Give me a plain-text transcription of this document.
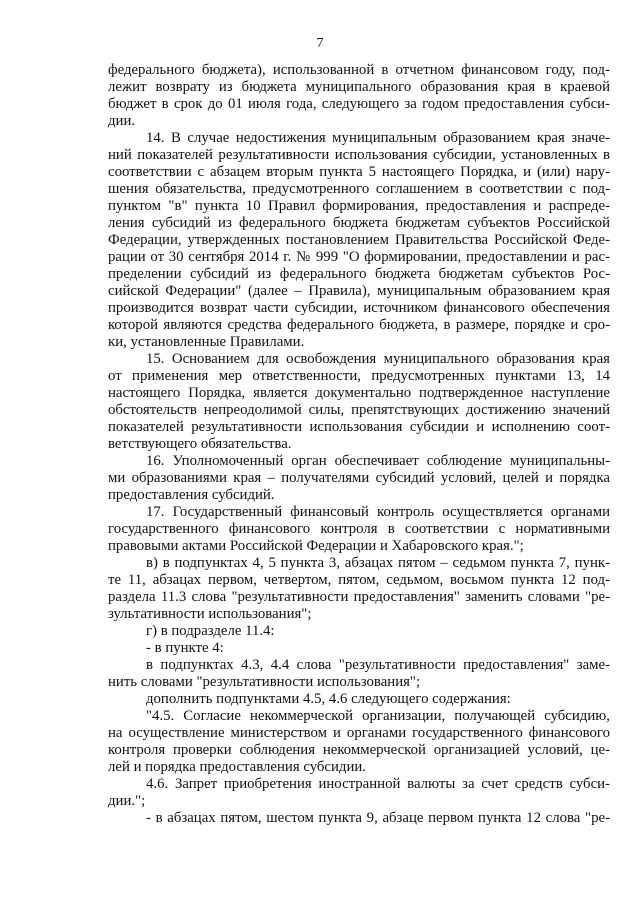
7
федерального бюджета), использованной в отчетном финансовом году, под-
лежит возврату из бюджета муниципального образования края в краевой
бюджет в срок до 01 июля года, следующего за годом предоставления субси-
дии.
14. В случае недостижения муниципальным образованием края значе-
ний показателей результативности использования субсидии, установленных в
соответствии с абзацем вторым пункта 5 настоящего Порядка, и (или) нару-
шения обязательства, предусмотренного соглашением в соответствии с под-
пунктом "в" пункта 10 Правил формирования, предоставления и распреде-
ления субсидий из федерального бюджета бюджетам субъектов Российской
Федерации, утвержденных постановлением Правительства Российской Феде-
рации от 30 сентября 2014 г. № 999 "О формировании, предоставлении и рас-
пределении субсидий из федерального бюджета бюджетам субъектов Рос-
сийской Федерации" (далее – Правила), муниципальным образованием края
производится возврат части субсидии, источником финансового обеспечения
которой являются средства федерального бюджета, в размере, порядке и сро-
ки, установленные Правилами.
15. Основанием для освобождения муниципального образования края
от применения мер ответственности, предусмотренных пунктами 13, 14
настоящего Порядка, является документально подтвержденное наступление
обстоятельств непреодолимой силы, препятствующих достижению значений
показателей результативности использования субсидии и исполнению соот-
ветствующего обязательства.
16. Уполномоченный орган обеспечивает соблюдение муниципальны-
ми образованиями края – получателями субсидий условий, целей и порядка
предоставления субсидий.
17. Государственный финансовый контроль осуществляется органами
государственного финансового контроля в соответствии с нормативными
правовыми актами Российской Федерации и Хабаровского края.";
в) в подпунктах 4, 5 пункта 3, абзацах пятом – седьмом пункта 7, пунк-
те 11, абзацах первом, четвертом, пятом, седьмом, восьмом пункта 12 под-
раздела 11.3 слова "результативности предоставления" заменить словами "ре-
зультативности использования";
г) в подразделе 11.4:
- в пункте 4:
в подпунктах 4.3, 4.4 слова "результативности предоставления" заме-
нить словами "результативности использования";
дополнить подпунктами 4.5, 4.6 следующего содержания:
"4.5. Согласие некоммерческой организации, получающей субсидию,
на осуществление министерством и органами государственного финансового
контроля проверки соблюдения некоммерческой организацией условий, це-
лей и порядка предоставления субсидии.
4.6. Запрет приобретения иностранной валюты за счет средств субси-
дии.";
- в абзацах пятом, шестом пункта 9, абзаце первом пункта 12 слова "ре-
